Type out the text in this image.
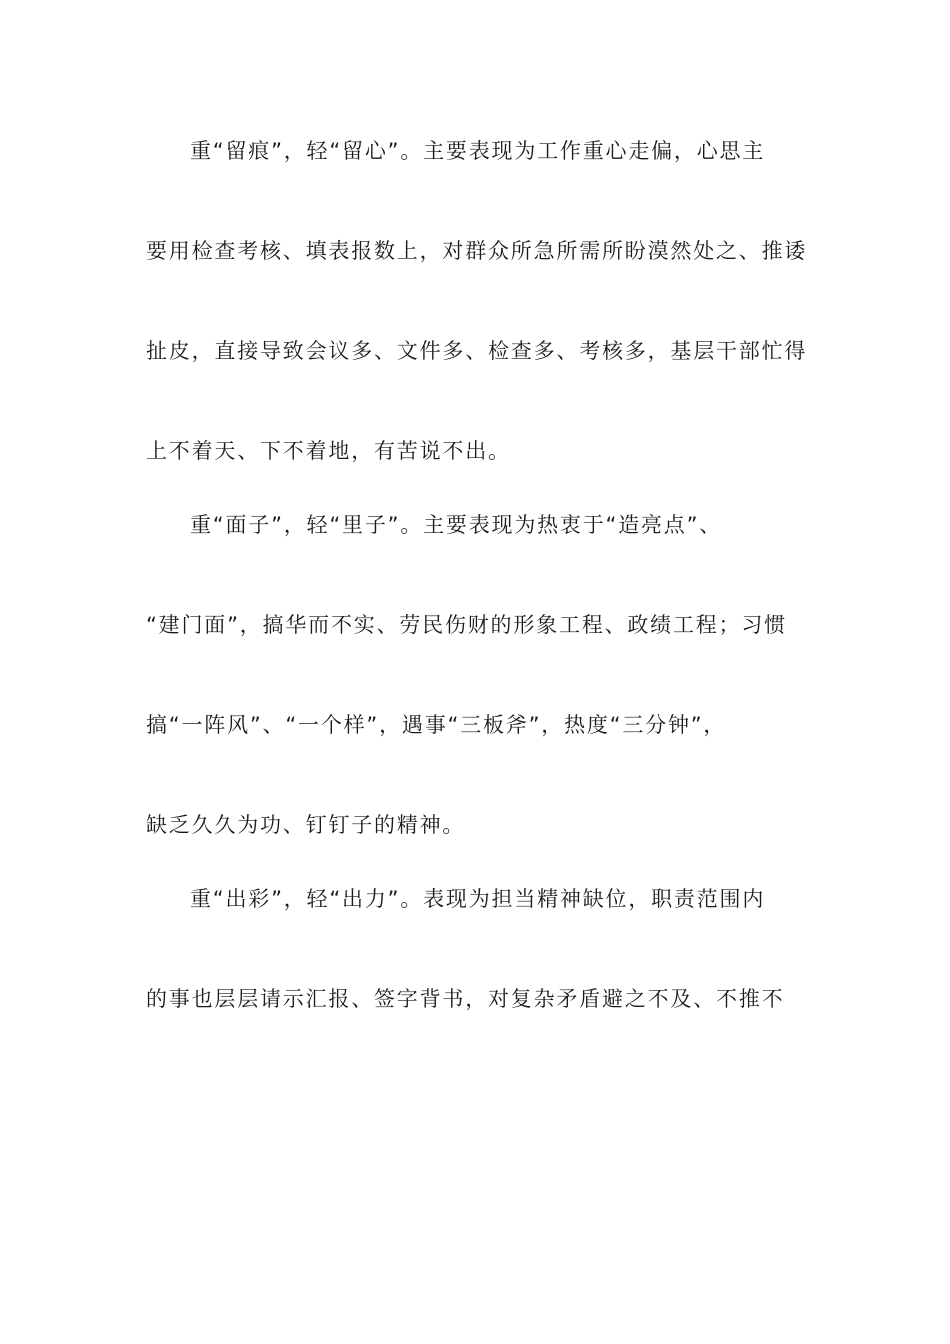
重“留痕”，轻“留心”。主要表现为工作重心走偏，心思主
要用检查考核、填表报数上，对群众所急所需所盼漠然处之、推诿
扯皮，直接导致会议多、文件多、检查多、考核多，基层干部忙得
上不着天、下不着地，有苦说不出。
重“面子”，轻“里子”。主要表现为热衷于“造亮点”、
“建门面”，搞华而不实、劳民伤财的形象工程、政绩工程；习惯
搞“一阵风”、“一个样”，遇事“三板斧”，热度“三分钟”，
缺乏久久为功、钉钉子的精神。
重“出彩”，轻“出力”。表现为担当精神缺位，职责范围内
的事也层层请示汇报、签字背书，对复杂矛盾避之不及、不推不
